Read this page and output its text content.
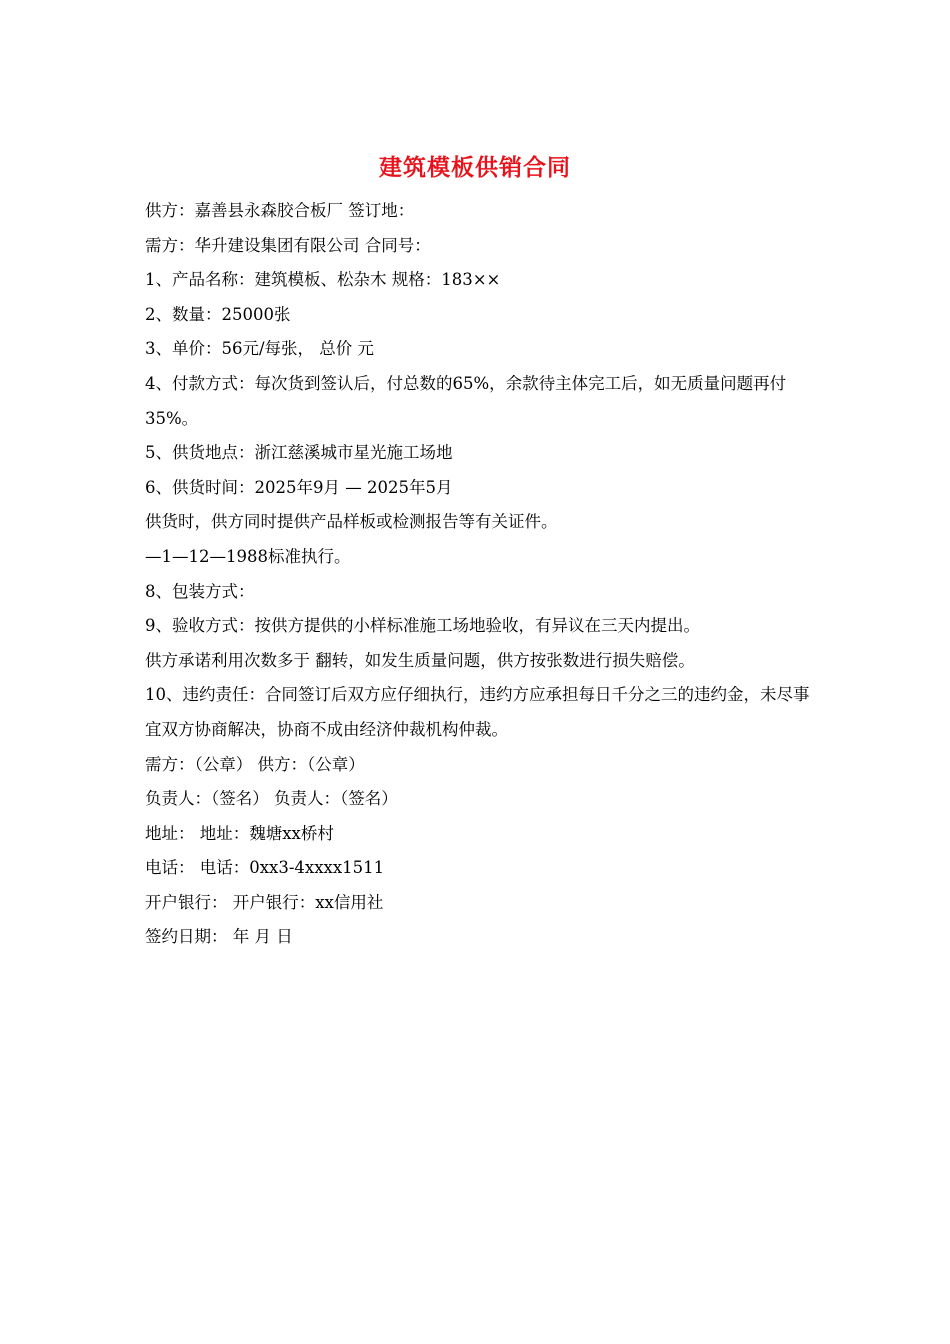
建筑模板供销合同
供方：嘉善县永森胶合板厂 签订地：
需方：华升建设集团有限公司 合同号：
1、产品名称：建筑模板、松杂木 规格：183××
2、数量：25000张
3、单价：56元/每张， 总价 元
4、付款方式：每次货到签认后，付总数的65%，余款待主体完工后，如无质量问题再付35%。
5、供货地点：浙江慈溪城市星光施工场地
6、供货时间：2025年9月 — 2025年5月
供货时，供方同时提供产品样板或检测报告等有关证件。
—1—12—1988标准执行。
8、包装方式：
9、验收方式：按供方提供的小样标准施工场地验收，有异议在三天内提出。
供方承诺利用次数多于 翻转，如发生质量问题，供方按张数进行损失赔偿。
10、违约责任：合同签订后双方应仔细执行，违约方应承担每日千分之三的违约金，未尽事宜双方协商解决，协商不成由经济仲裁机构仲裁。
需方：（公章） 供方：（公章）
负责人：（签名） 负责人：（签名）
地址： 地址：魏塘xx桥村
电话： 电话：0xx3-4xxxx1511
开户银行： 开户银行：xx信用社
签约日期： 年 月 日
